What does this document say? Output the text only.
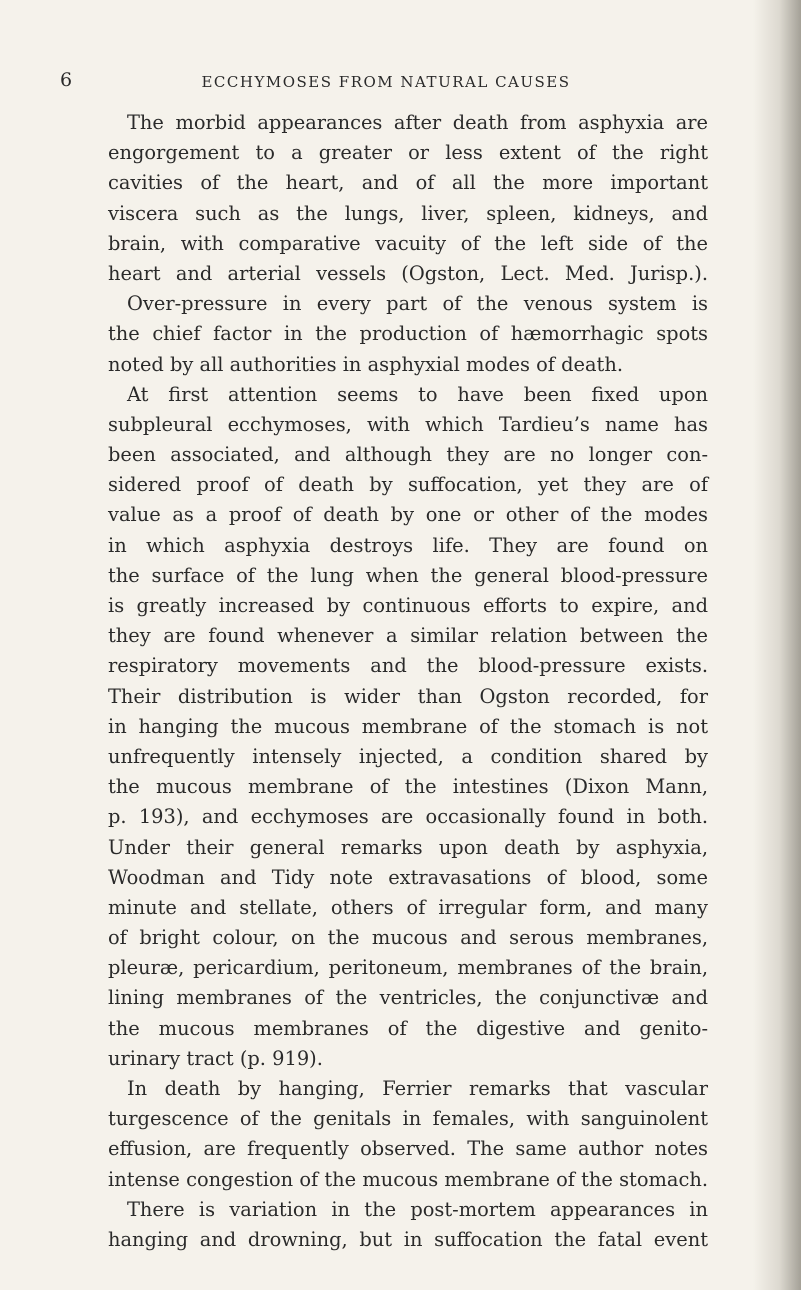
6	ECCHYMOSES FROM NATURAL CAUSES
The morbid appearances after death from asphyxia are
engorgement to a greater or less extent of the right
cavities of the heart, and of all the more important
viscera such as the lungs, liver, spleen, kidneys, and
brain, with comparative vacuity of the left side of the
heart and arterial vessels (Ogston, Lect. Med. Jurisp.).
Over-pressure in every part of the venous system is
the chief factor in the production of hæmorrhagic spots
noted by all authorities in asphyxial modes of death.
At first attention seems to have been fixed upon
subpleural ecchymoses, with which Tardieu’s name has
been associated, and although they are no longer con-
sidered proof of death by suffocation, yet they are of
value as a proof of death by one or other of the modes
in which asphyxia destroys life. They are found on
the surface of the lung when the general blood-pressure
is greatly increased by continuous efforts to expire, and
they are found whenever a similar relation between the
respiratory movements and the blood-pressure exists.
Their distribution is wider than Ogston recorded, for
in hanging the mucous membrane of the stomach is not
unfrequently intensely injected, a condition shared by
the mucous membrane of the intestines (Dixon Mann,
p. 193), and ecchymoses are occasionally found in both.
Under their general remarks upon death by asphyxia,
Woodman and Tidy note extravasations of blood, some
minute and stellate, others of irregular form, and many
of bright colour, on the mucous and serous membranes,
pleuræ, pericardium, peritoneum, membranes of the brain,
lining membranes of the ventricles, the conjunctivæ and
the mucous membranes of the digestive and genito-
urinary tract (p. 919).
In death by hanging, Ferrier remarks that vascular
turgescence of the genitals in females, with sanguinolent
effusion, are frequently observed. The same author notes
intense congestion of the mucous membrane of the stomach.
There is variation in the post-mortem appearances in
hanging and drowning, but in suffocation the fatal event
